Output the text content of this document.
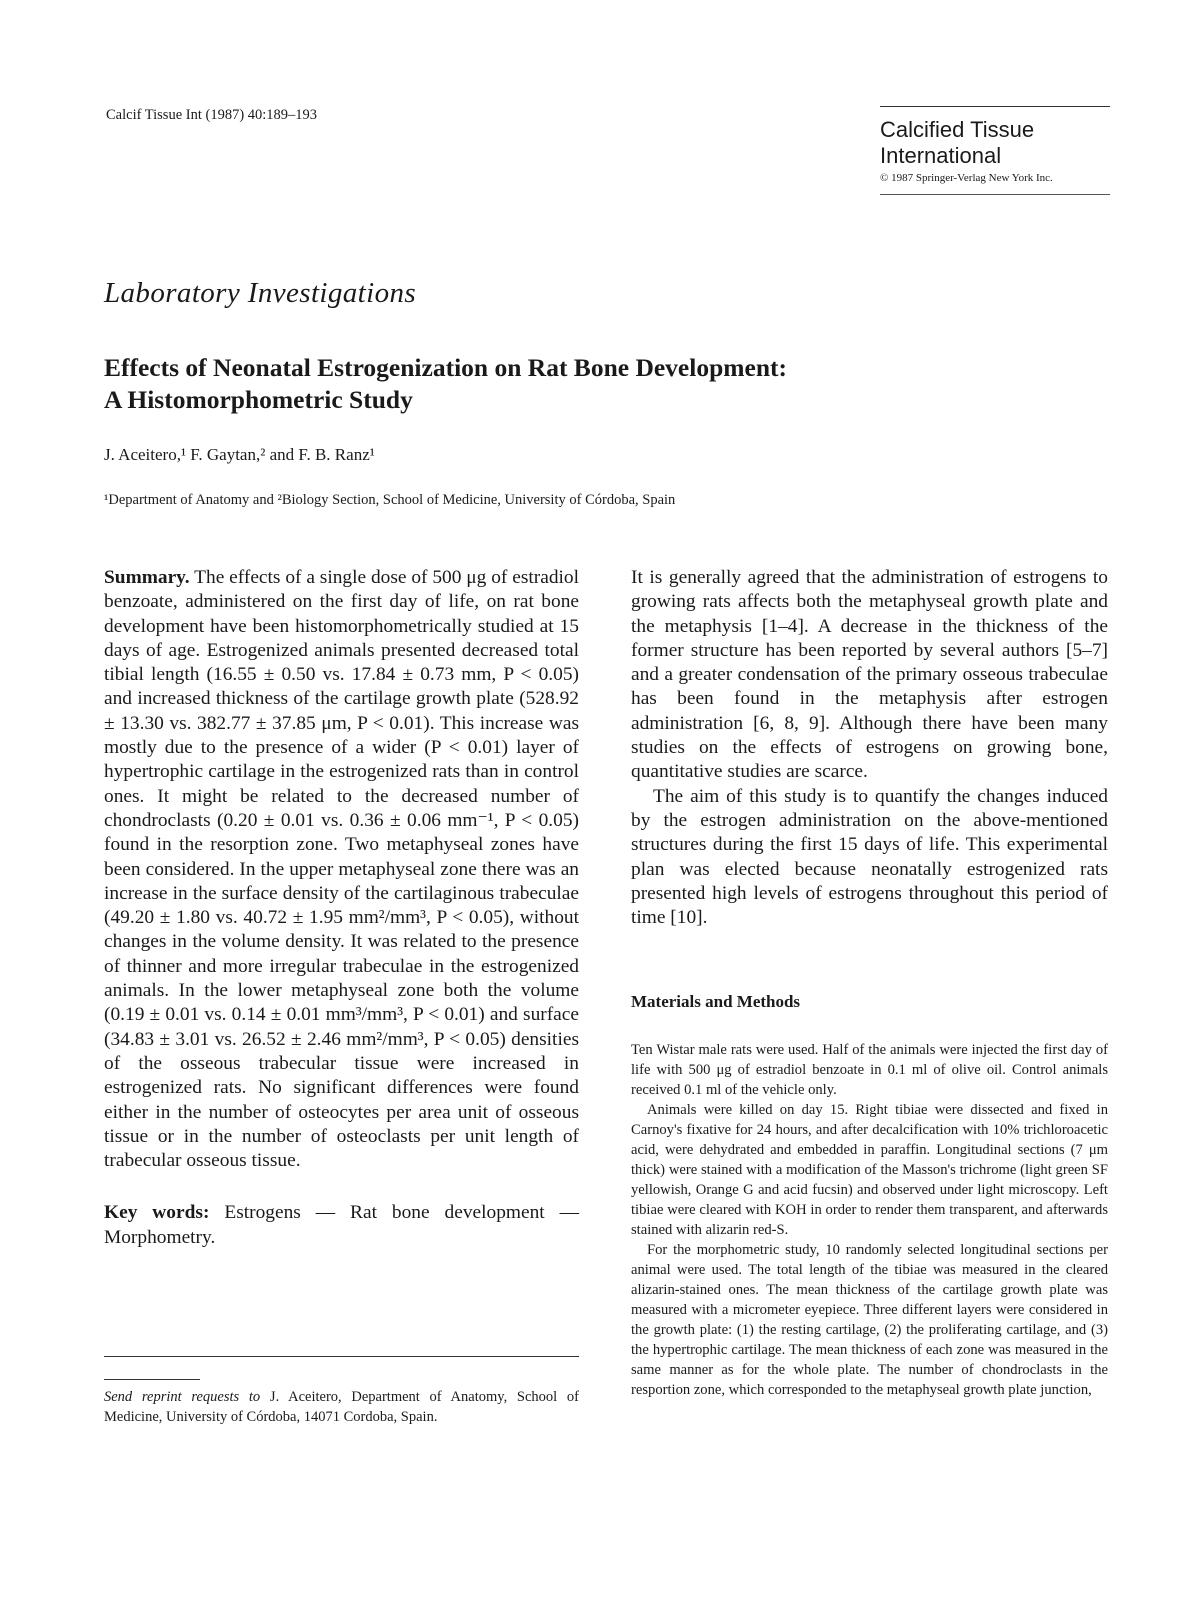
Calcif Tissue Int (1987) 40:189–193
Calcified Tissue
International
© 1987 Springer-Verlag New York Inc.
Laboratory Investigations
Effects of Neonatal Estrogenization on Rat Bone Development:
A Histomorphometric Study
J. Aceitero,¹ F. Gaytan,² and F. B. Ranz¹
¹Department of Anatomy and ²Biology Section, School of Medicine, University of Córdoba, Spain

Summary. The effects of a single dose of 500 μg of estradiol benzoate, administered on the first day of life, on rat bone development have been histomorphometrically studied at 15 days of age. Estrogenized animals presented decreased total tibial length (16.55 ± 0.50 vs. 17.84 ± 0.73 mm, P < 0.05) and increased thickness of the cartilage growth plate (528.92 ± 13.30 vs. 382.77 ± 37.85 μm, P < 0.01). This increase was mostly due to the presence of a wider (P < 0.01) layer of hypertrophic cartilage in the estrogenized rats than in control ones. It might be related to the decreased number of chondroclasts (0.20 ± 0.01 vs. 0.36 ± 0.06 mm⁻¹, P < 0.05) found in the resorption zone. Two metaphyseal zones have been considered. In the upper metaphyseal zone there was an increase in the surface density of the cartilaginous trabeculae (49.20 ± 1.80 vs. 40.72 ± 1.95 mm²/mm³, P < 0.05), without changes in the volume density. It was related to the presence of thinner and more irregular trabeculae in the estrogenized animals. In the lower metaphyseal zone both the volume (0.19 ± 0.01 vs. 0.14 ± 0.01 mm³/mm³, P < 0.01) and surface (34.83 ± 3.01 vs. 26.52 ± 2.46 mm²/mm³, P < 0.05) densities of the osseous trabecular tissue were increased in estrogenized rats. No significant differences were found either in the number of osteocytes per area unit of osseous tissue or in the number of osteoclasts per unit length of trabecular osseous tissue.

Key words: Estrogens — Rat bone development — Morphometry.

Send reprint requests to J. Aceitero, Department of Anatomy, School of Medicine, University of Córdoba, 14071 Cordoba, Spain.

It is generally agreed that the administration of estrogens to growing rats affects both the metaphyseal growth plate and the metaphysis [1–4]. A decrease in the thickness of the former structure has been reported by several authors [5–7] and a greater condensation of the primary osseous trabeculae has been found in the metaphysis after estrogen administration [6, 8, 9]. Although there have been many studies on the effects of estrogens on growing bone, quantitative studies are scarce.

The aim of this study is to quantify the changes induced by the estrogen administration on the above-mentioned structures during the first 15 days of life. This experimental plan was elected because neonatally estrogenized rats presented high levels of estrogens throughout this period of time [10].

Materials and Methods

Ten Wistar male rats were used. Half of the animals were injected the first day of life with 500 μg of estradiol benzoate in 0.1 ml of olive oil. Control animals received 0.1 ml of the vehicle only.

Animals were killed on day 15. Right tibiae were dissected and fixed in Carnoy's fixative for 24 hours, and after decalcification with 10% trichloroacetic acid, were dehydrated and embedded in paraffin. Longitudinal sections (7 μm thick) were stained with a modification of the Masson's trichrome (light green SF yellowish, Orange G and acid fucsin) and observed under light microscopy. Left tibiae were cleared with KOH in order to render them transparent, and afterwards stained with alizarin red-S.

For the morphometric study, 10 randomly selected longitudinal sections per animal were used. The total length of the tibiae was measured in the cleared alizarin-stained ones. The mean thickness of the cartilage growth plate was measured with a micrometer eyepiece. Three different layers were considered in the growth plate: (1) the resting cartilage, (2) the proliferating cartilage, and (3) the hypertrophic cartilage. The mean thickness of each zone was measured in the same manner as for the whole plate. The number of chondroclasts in the resportion zone, which corresponded to the metaphyseal growth plate junction,
